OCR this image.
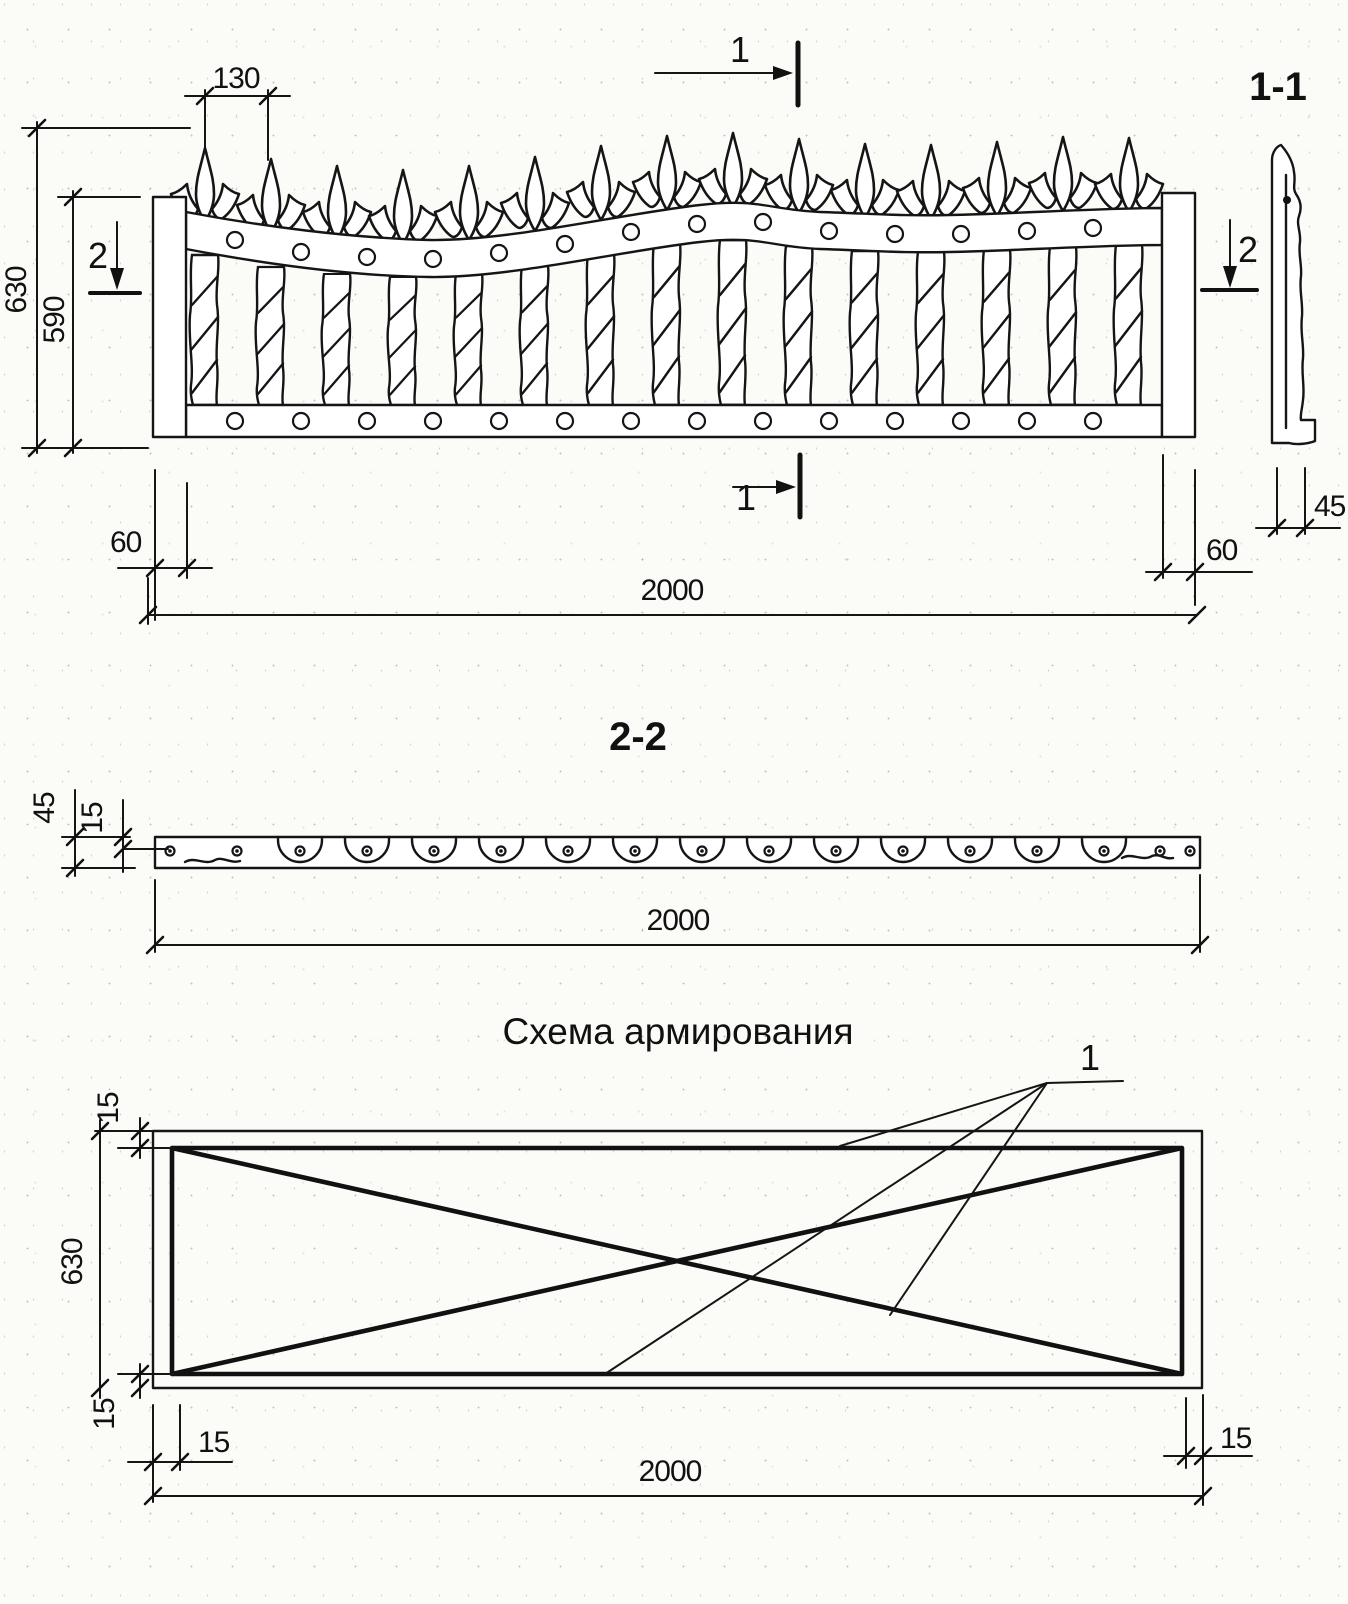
130
630
590
2	2
1
1
60	60
2000
1-1
45
2-2
45 15
2000
Схема армирования
1
15
630
15
15	15
2000
